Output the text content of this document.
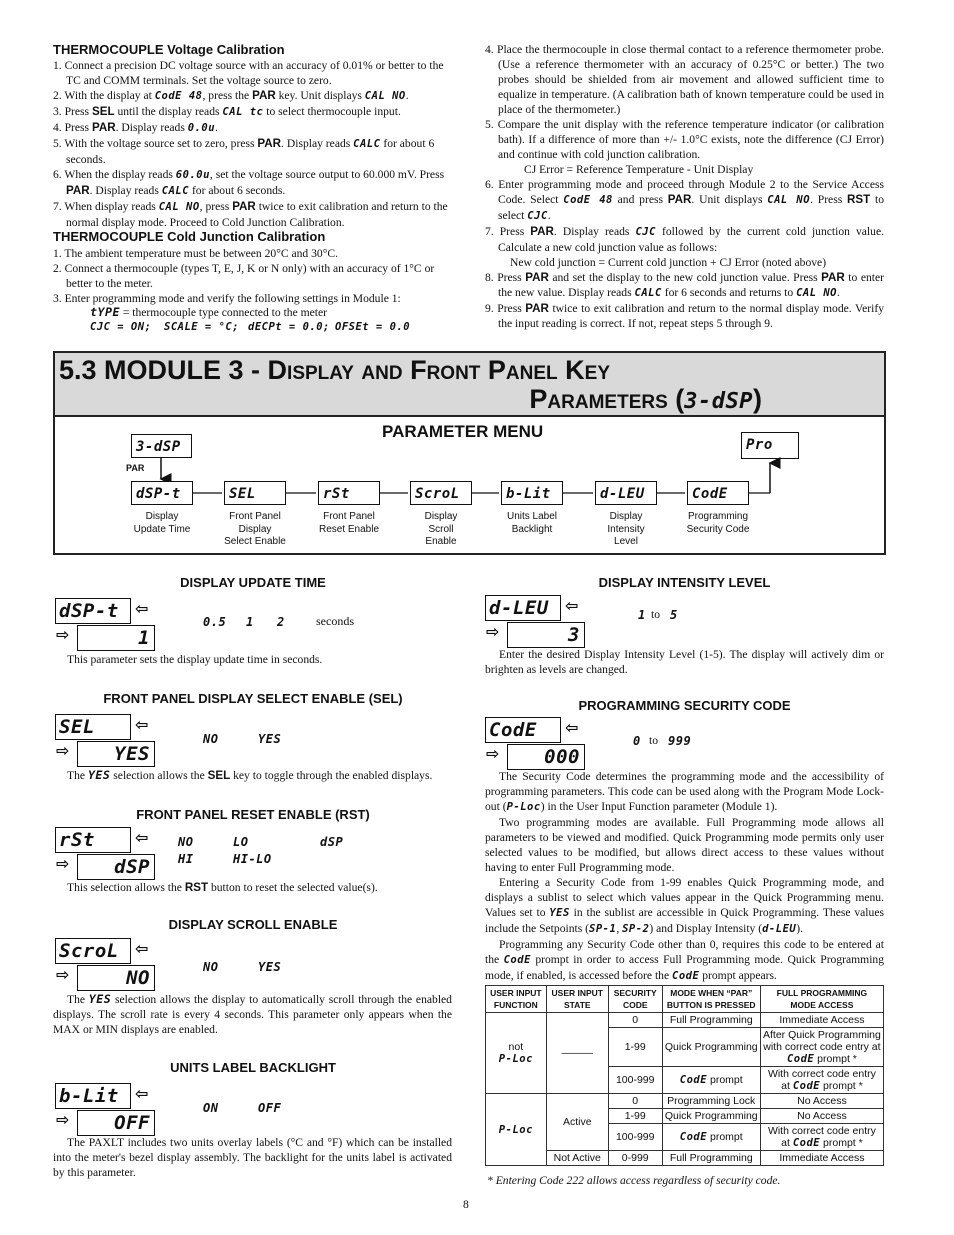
THERMOCOUPLE Voltage Calibration

1. Connect a precision DC voltage source with an accuracy of 0.01% or better to the TC and COMM terminals. Set the voltage source to zero.

2. With the display at CodE 48, press the PAR key. Unit displays CAL NO.

3. Press SEL until the display reads CAL tc to select thermocouple input.

4. Press PAR. Display reads 0.0u.

5. With the voltage source set to zero, press PAR. Display reads CALC for about 6 seconds.

6. When the display reads 60.0u, set the voltage source output to 60.000 mV. Press PAR. Display reads CALC for about 6 seconds.

7. When display reads CAL NO, press PAR twice to exit calibration and return to the normal display mode. Proceed to Cold Junction Calibration.

THERMOCOUPLE Cold Junction Calibration

1. The ambient temperature must be between 20°C and 30°C.

2. Connect a thermocouple (types T, E, J, K or N only) with an accuracy of 1°C or better to the meter.

3. Enter programming mode and verify the following settings in Module 1:

tYPE = thermocouple type connected to the meter
CJC = ON; SCALE = °C; dECPt = 0.0; OFSEt = 0.0

4. Place the thermocouple in close thermal contact to a reference thermometer probe. (Use a reference thermometer with an accuracy of 0.25°C or better.) The two probes should be shielded from air movement and allowed sufficient time to equalize in temperature. (A calibration bath of known temperature could be used in place of the thermometer.)

5. Compare the unit display with the reference temperature indicator (or calibration bath). If a difference of more than +/- 1.0°C exists, note the difference (CJ Error) and continue with cold junction calibration.

CJ Error = Reference Temperature - Unit Display

6. Enter programming mode and proceed through Module 2 to the Service Access Code. Select CodE 48 and press PAR. Unit displays CAL NO. Press RST to select CJC.

7. Press PAR. Display reads CJC followed by the current cold junction value. Calculate a new cold junction value as follows:

New cold junction = Current cold junction + CJ Error (noted above)

8. Press PAR and set the display to the new cold junction value. Press PAR to enter the new value. Display reads CALC for 6 seconds and returns to CAL NO.

9. Press PAR twice to exit calibration and return to the normal display mode. Verify the input reading is correct. If not, repeat steps 5 through 9.

5.3 MODULE 3 - Display and Front Panel Key
Parameters (3-dSP)
PARAMETER MENU
3-dSP
PAR
Pro
dSP-t
Display
Update Time
SEL
Front Panel
Display
Select Enable
rSt
Front Panel
Reset Enable
ScroL
Display
Scroll
Enable
b-Lit
Units Label
Backlight
d-LEU
Display
Intensity
Level
CodE
Programming
Security Code
DISPLAY UPDATE TIME
dSP-t
1
⇦
⇨
0.5 1 2	seconds

This parameter sets the display update time in seconds.

FRONT PANEL DISPLAY SELECT ENABLE (SEL)
SEL
YES
⇦
⇨
NO	YES

The YES selection allows the SEL key to toggle through the enabled displays.

FRONT PANEL RESET ENABLE (RST)
rSt
dSP
⇦
⇨
NO	LO	dSP
HI	HI-LO

This selection allows the RST button to reset the selected value(s).

DISPLAY SCROLL ENABLE
ScroL
NO
⇦
⇨	NO	YES

The YES selection allows the display to automatically scroll through the enabled displays. The scroll rate is every 4 seconds. This parameter only appears when the MAX or MIN displays are enabled.

UNITS LABEL BACKLIGHT
b-Lit
OFF
⇦
⇨
ON	OFF

The PAXLT includes two units overlay labels (°C and °F) which can be installed into the meter's bezel display assembly. The backlight for the units label is activated by this parameter.

DISPLAY INTENSITY LEVEL
d-LEU
3
⇦
⇨
1 to 5

Enter the desired Display Intensity Level (1-5). The display will actively dim or brighten as levels are changed.

PROGRAMMING SECURITY CODE
CodE
000
⇦
⇨
0 to 999

The Security Code determines the programming mode and the accessibility of programming parameters. This code can be used along with the Program Mode Lock-out (P-Loc) in the User Input Function parameter (Module 1).

Two programming modes are available. Full Programming mode allows all parameters to be viewed and modified. Quick Programming mode permits only user selected values to be modified, but allows direct access to these values without having to enter Full Programming mode.

Entering a Security Code from 1-99 enables Quick Programming mode, and displays a sublist to select which values appear in the Quick Programming menu. Values set to YES in the sublist are accessible in Quick Programming. These values include the Setpoints (SP-1, SP-2) and Display Intensity (d-LEU).

Programming any Security Code other than 0, requires this code to be entered at the CodE prompt in order to access Full Programming mode. Quick Programming mode, if enabled, is accessed before the CodE prompt appears.

USER INPUT FUNCTION	USER INPUT STATE	SECURITY CODE	MODE WHEN “PAR” BUTTON IS PRESSED	FULL PROGRAMMING MODE ACCESS

not
P-Loc	———	0	Full Programming	Immediate Access
		1-99	Quick Programming	After Quick Programming with correct code entry at CodE prompt *
		100-999	CodE prompt	With correct code entry at CodE prompt *
P-Loc	Active	0	Programming Lock	No Access
		1-99	Quick Programming	No Access
		100-999	CodE prompt	With correct code entry at CodE prompt *
	Not Active	0-999	Full Programming	Immediate Access
* Entering Code 222 allows access regardless of security code.
8
